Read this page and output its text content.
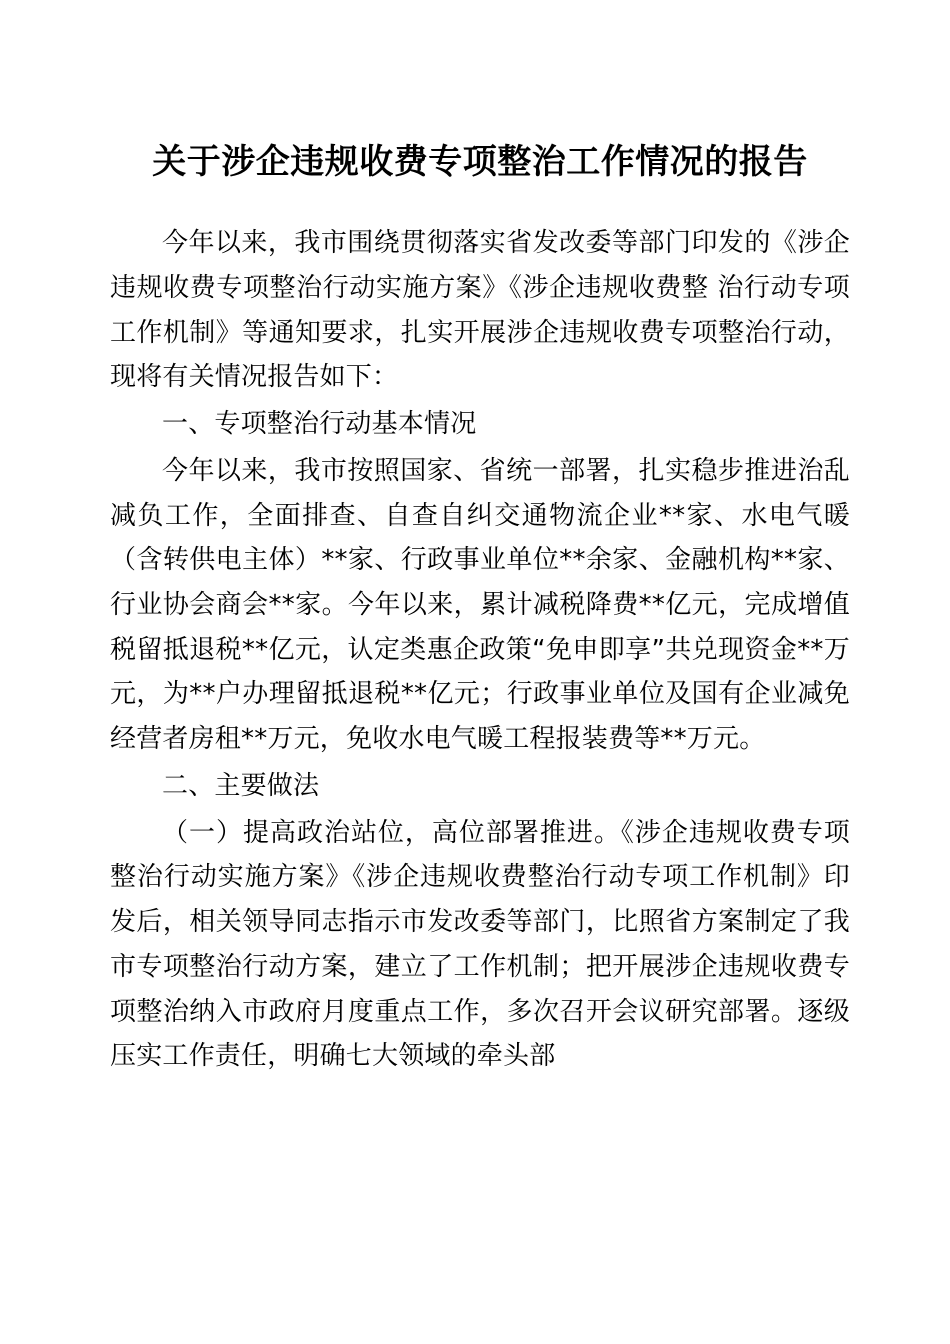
关于涉企违规收费专项整治工作情况的报告

今年以来，我市围绕贯彻落实省发改委等部门印发的《涉企违规收费专项整治行动实施方案》《涉企违规收费整 治行动专项工作机制》等通知要求，扎实开展涉企违规收费专项整治行动，现将有关情况报告如下：

一、专项整治行动基本情况

今年以来，我市按照国家、省统一部署，扎实稳步推进治乱减负工作，全面排查、自查自纠交通物流企业**家、水电气暖（含转供电主体）**家、行政事业单位**余家、金融机构**家、行业协会商会**家。今年以来，累计减税降费**亿元，完成增值税留抵退税**亿元，认定类惠企政策“免申即享”共兑现资金**万元，为**户办理留抵退税**亿元；行政事业单位及国有企业减免经营者房租**万元，免收水电气暖工程报装费等**万元。

二、主要做法

（一）提高政治站位，高位部署推进。《涉企违规收费专项整治行动实施方案》《涉企违规收费整治行动专项工作机制》印发后，相关领导同志指示市发改委等部门，比照省方案制定了我市专项整治行动方案，建立了工作机制；把开展涉企违规收费专项整治纳入市政府月度重点工作，多次召开会议研究部署。逐级压实工作责任，明确七大领域的牵头部
